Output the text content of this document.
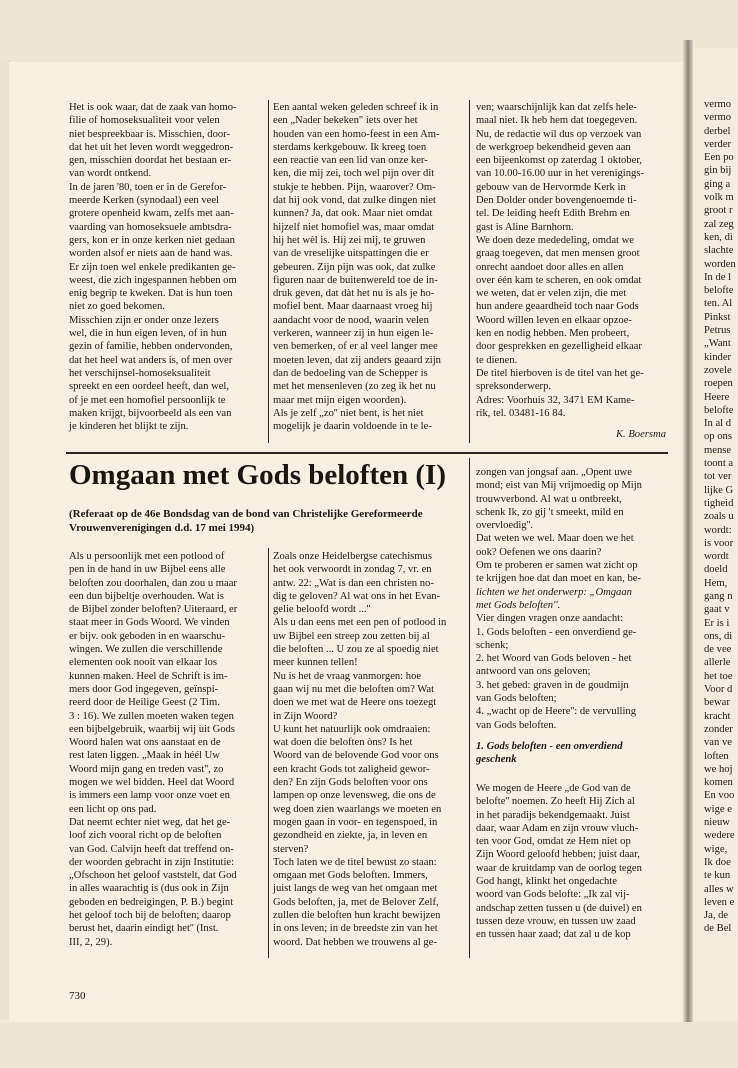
Het is ook waar, dat de zaak van homo-
filie of homoseksualiteit voor velen
niet bespreekbaar is. Misschien, door-
dat het uit het leven wordt weggedron-
gen, misschien doordat het bestaan er-
van wordt ontkend.
In de jaren '80, toen er in de Gerefor-
meerde Kerken (synodaal) een veel
grotere openheid kwam, zelfs met aan-
vaarding van homoseksuele ambtsdra-
gers, kon er in onze kerken niet gedaan
worden alsof er niets aan de hand was.
Er zijn toen wel enkele predikanten ge-
weest, die zich ingespannen hebben om
enig begrip te kweken. Dat is hun toen
niet zo goed bekomen.
Misschien zijn er onder onze lezers
wel, die in hun eigen leven, of in hun
gezin of familie, hebben ondervonden,
dat het heel wat anders is, of men over
het verschijnsel-homoseksualiteit
spreekt en een oordeel heeft, dan wel,
of je met een homofiel persoonlijk te
maken krijgt, bijvoorbeeld als een van
je kinderen het blijkt te zijn.
Een aantal weken geleden schreef ik in
een „Nader bekeken" iets over het
houden van een homo-feest in een Am-
sterdams kerkgebouw. Ik kreeg toen
een reactie van een lid van onze ker-
ken, die mij zei, toch wel pijn over dit
stukje te hebben. Pijn, waarover? Om-
dat hij ook vond, dat zulke dingen niet
kunnen? Ja, dat ook. Maar niet omdat
hijzelf niet homofiel was, maar omdat
hij het wèl is. Hij zei mij, te gruwen
van de vreselijke uitspattingen die er
gebeuren. Zijn pijn was ook, dat zulke
figuren naar de buitenwereld toe de in-
druk geven, dat dàt het nu is als je ho-
mofiel bent. Maar daarnaast vroeg hij
aandacht voor de nood, waarin velen
verkeren, wanneer zij in hun eigen le-
ven bemerken, of er al veel langer mee
moeten leven, dat zij anders geaard zijn
dan de bedoeling van de Schepper is
met het mensenleven (zo zeg ik het nu
maar met mijn eigen woorden).
Als je zelf „zo'' niet bent, is het niet
mogelijk je daarin voldoende in te le-
ven; waarschijnlijk kan dat zelfs hele-
maal niet. Ik heb hem dat toegegeven.
Nu, de redactie wil dus op verzoek van
de werkgroep bekendheid geven aan
een bijeenkomst op zaterdag 1 oktober,
van 10.00-16.00 uur in het verenigings-
gebouw van de Hervormde Kerk in
Den Dolder onder bovengenoemde ti-
tel. De leiding heeft Edith Brehm en
gast is Aline Barnhorn.
We doen deze mededeling, omdat we
graag toegeven, dat men mensen groot
onrecht aandoet door alles en allen
over één kam te scheren, en ook omdat
we weten, dat er velen zijn, die met
hun andere geaardheid toch naar Gods
Woord willen leven en elkaar opzoe-
ken en nodig hebben. Men probeert,
door gesprekken en gezelligheid elkaar
te dienen.
De titel hierboven is de titel van het ge-
spreksonderwerp.
Adres: Voorhuis 32, 3471 EM Kame-
rik, tel. 03481-16 84.
K. Boersma
Omgaan met Gods beloften (I)
(Referaat op de 46e Bondsdag van de bond van Christelijke Gereformeerde
Vrouwenverenigingen d.d. 17 mei 1994)
Als u persoonlijk met een potlood of
pen in de hand in uw Bijbel eens alle
beloften zou doorhalen, dan zou u maar
een dun bijbeltje overhouden. Wat is
de Bijbel zonder beloften? Uiteraard, er
staat meer in Gods Woord. We vinden
er bijv. ook geboden in en waarschu-
wingen. We zullen die verschillende
elementen ook nooit van elkaar los
kunnen maken. Heel de Schrift is im-
mers door God ingegeven, geïnspi-
reerd door de Heilige Geest (2 Tim.
3 : 16). We zullen moeten waken tegen
een bijbelgebruik, waarbij wij uit Gods
Woord halen wat ons aanstaat en de
rest laten liggen. „Maak in héél Uw
Woord mijn gang en treden vast'', zo
mogen we wel bidden. Heel dat Woord
is immers een lamp voor onze voet en
een licht op ons pad.
Dat neemt echter niet weg, dat het ge-
loof zich vooral richt op de beloften
van God. Calvijn heeft dat treffend on-
der woorden gebracht in zijn Institutie:
„Ofschoon het geloof vaststelt, dat God
in alles waarachtig is (dus ook in Zijn
geboden en bedreigingen, P. B.) begint
het geloof toch bij de beloften; daarop
berust het, daarin eindigt het'' (Inst.
III, 2, 29).
Zoals onze Heidelbergse catechismus
het ook verwoordt in zondag 7, vr. en
antw. 22: „Wat is dan een christen no-
dig te geloven? Al wat ons in het Evan-
gelie beloofd wordt ...''
Als u dan eens met een pen of potlood in
uw Bijbel een streep zou zetten bij al
die beloften ... U zou ze al spoedig niet
meer kunnen tellen!
Nu is het de vraag vanmorgen: hoe
gaan wij nu met die beloften om? Wat
doen we met wat de Heere ons toezegt
in Zijn Woord?
U kunt het natuurlijk ook omdraaien:
wat doen die beloften òns? Is het
Woord van de belovende God voor ons
een kracht Gods tot zaligheid gewor-
den? En zijn Gods beloften voor ons
lampen op onze levensweg, die ons de
weg doen zien waarlangs we moeten en
mogen gaan in voor- en tegenspoed, in
gezondheid en ziekte, ja, in leven en
sterven?
Toch laten we de titel bewust zo staan:
omgaan met Gods beloften. Immers,
juist langs de weg van het omgaan met
Gods beloften, ja, met de Belover Zelf,
zullen die beloften hun kracht bewijzen
in ons leven; in de breedste zin van het
woord. Dat hebben we trouwens al ge-
zongen van jongsaf aan. „Opent uwe
mond; eist van Mij vrijmoedig op Mijn
trouwverbond. Al wat u ontbreekt,
schenk Ik, zo gij 't smeekt, mild en
overvloedig''.
Dat weten we wel. Maar doen we het
ook? Oefenen we ons daarin?
Om te proberen er samen wat zicht op
te krijgen hoe dat dan moet en kan, be-
lichten we het onderwerp: „Omgaan
met Gods beloften''.
Vier dingen vragen onze aandacht:
1. Gods beloften - een onverdiend ge-
schenk;
2. het Woord van Gods beloven - het
antwoord van ons geloven;
3. het gebed: graven in de goudmijn
van Gods beloften;
4. „wacht op de Heere'': de vervulling
van Gods beloften.
1. Gods beloften - een onverdiend
geschenk
We mogen de Heere „de God van de
belofte'' noemen. Zo heeft Hij Zich al
in het paradijs bekendgemaakt. Juist
daar, waar Adam en zijn vrouw vluch-
ten voor God, omdat ze Hem niet op
Zijn Woord geloofd hebben; juist daar,
waar de kruitdamp van de oorlog tegen
God hangt, klinkt het ongedachte
woord van Gods belofte: „Ik zal vij-
andschap zetten tussen u (de duivel) en
tussen deze vrouw, en tussen uw zaad
en tussen haar zaad; dat zal u de kop
730
vermo
vermo
derbel
verder
Een po
gin bij
ging a
volk m
groot r
zal zeg
ken, di
slachte
worden
In de l
belofte
ten. Al
Pinkst
Petrus
„Want
kinder
zovele
roepen
Heere
belofte
In al d
op ons
mense
toont a
tot ver
lijke G
tigheid
zoals u
wordt:
is voor
wordt
doeld
Hem,
gang n
gaat v
Er is i
ons, di
de vee
allerle
het toe
Voor d
bewar
kracht
zonder
van ve
loften
we hoj
komen
En voo
wige e
nieuw
wedere
wige,
Ik doe
te kun
alles w
leven e
Ja, de
de Bel
